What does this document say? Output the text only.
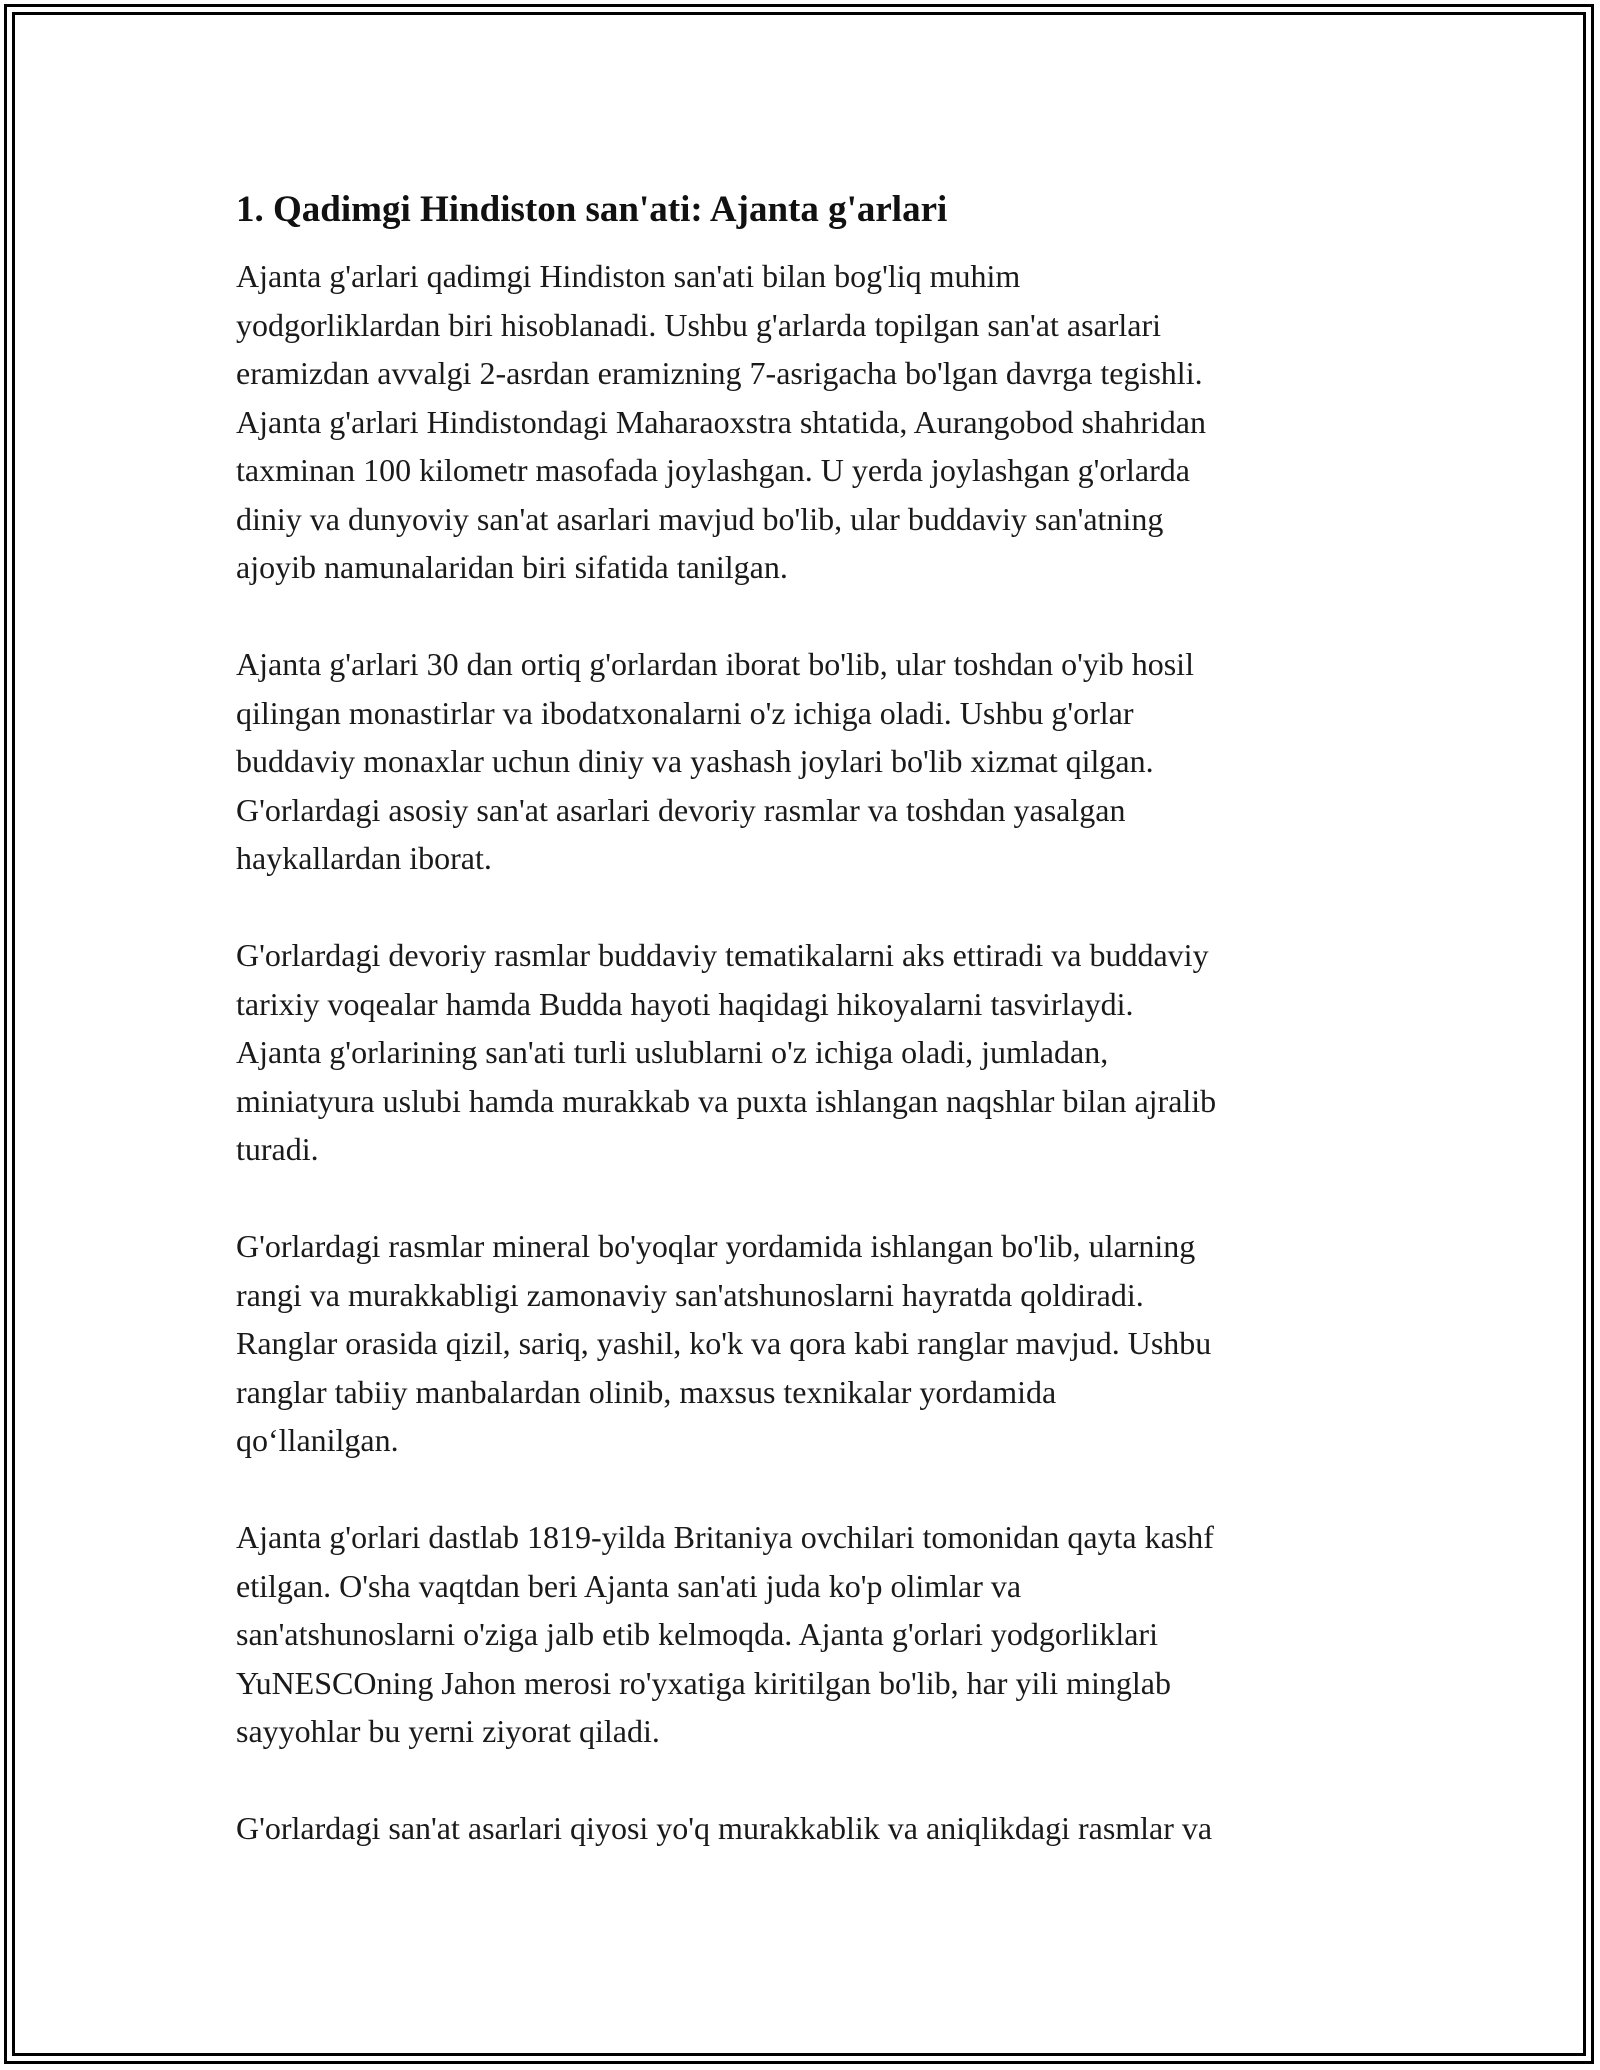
1. Qadimgi Hindiston san'ati: Ajanta g'arlari

Ajanta g'arlari qadimgi Hindiston san'ati bilan bog'liq muhim
yodgorliklardan biri hisoblanadi. Ushbu g'arlarda topilgan san'at asarlari
eramizdan avvalgi 2-asrdan eramizning 7-asrigacha bo'lgan davrga tegishli.
Ajanta g'arlari Hindistondagi Maharaoxstra shtatida, Aurangobod shahridan
taxminan 100 kilometr masofada joylashgan. U yerda joylashgan g'orlarda
diniy va dunyoviy san'at asarlari mavjud bo'lib, ular buddaviy san'atning
ajoyib namunalaridan biri sifatida tanilgan.

Ajanta g'arlari 30 dan ortiq g'orlardan iborat bo'lib, ular toshdan o'yib hosil
qilingan monastirlar va ibodatxonalarni o'z ichiga oladi. Ushbu g'orlar
buddaviy monaxlar uchun diniy va yashash joylari bo'lib xizmat qilgan.
G'orlardagi asosiy san'at asarlari devoriy rasmlar va toshdan yasalgan
haykallardan iborat.

G'orlardagi devoriy rasmlar buddaviy tematikalarni aks ettiradi va buddaviy
tarixiy voqealar hamda Budda hayoti haqidagi hikoyalarni tasvirlaydi.
Ajanta g'orlarining san'ati turli uslublarni o'z ichiga oladi, jumladan,
miniatyura uslubi hamda murakkab va puxta ishlangan naqshlar bilan ajralib
turadi.

G'orlardagi rasmlar mineral bo'yoqlar yordamida ishlangan bo'lib, ularning
rangi va murakkabligi zamonaviy san'atshunoslarni hayratda qoldiradi.
Ranglar orasida qizil, sariq, yashil, ko'k va qora kabi ranglar mavjud. Ushbu
ranglar tabiiy manbalardan olinib, maxsus texnikalar yordamida
qo‘llanilgan.

Ajanta g'orlari dastlab 1819-yilda Britaniya ovchilari tomonidan qayta kashf
etilgan. O'sha vaqtdan beri Ajanta san'ati juda ko'p olimlar va
san'atshunoslarni o'ziga jalb etib kelmoqda. Ajanta g'orlari yodgorliklari
YuNESCOning Jahon merosi ro'yxatiga kiritilgan bo'lib, har yili minglab
sayyohlar bu yerni ziyorat qiladi.

G'orlardagi san'at asarlari qiyosi yo'q murakkablik va aniqlikdagi rasmlar va
